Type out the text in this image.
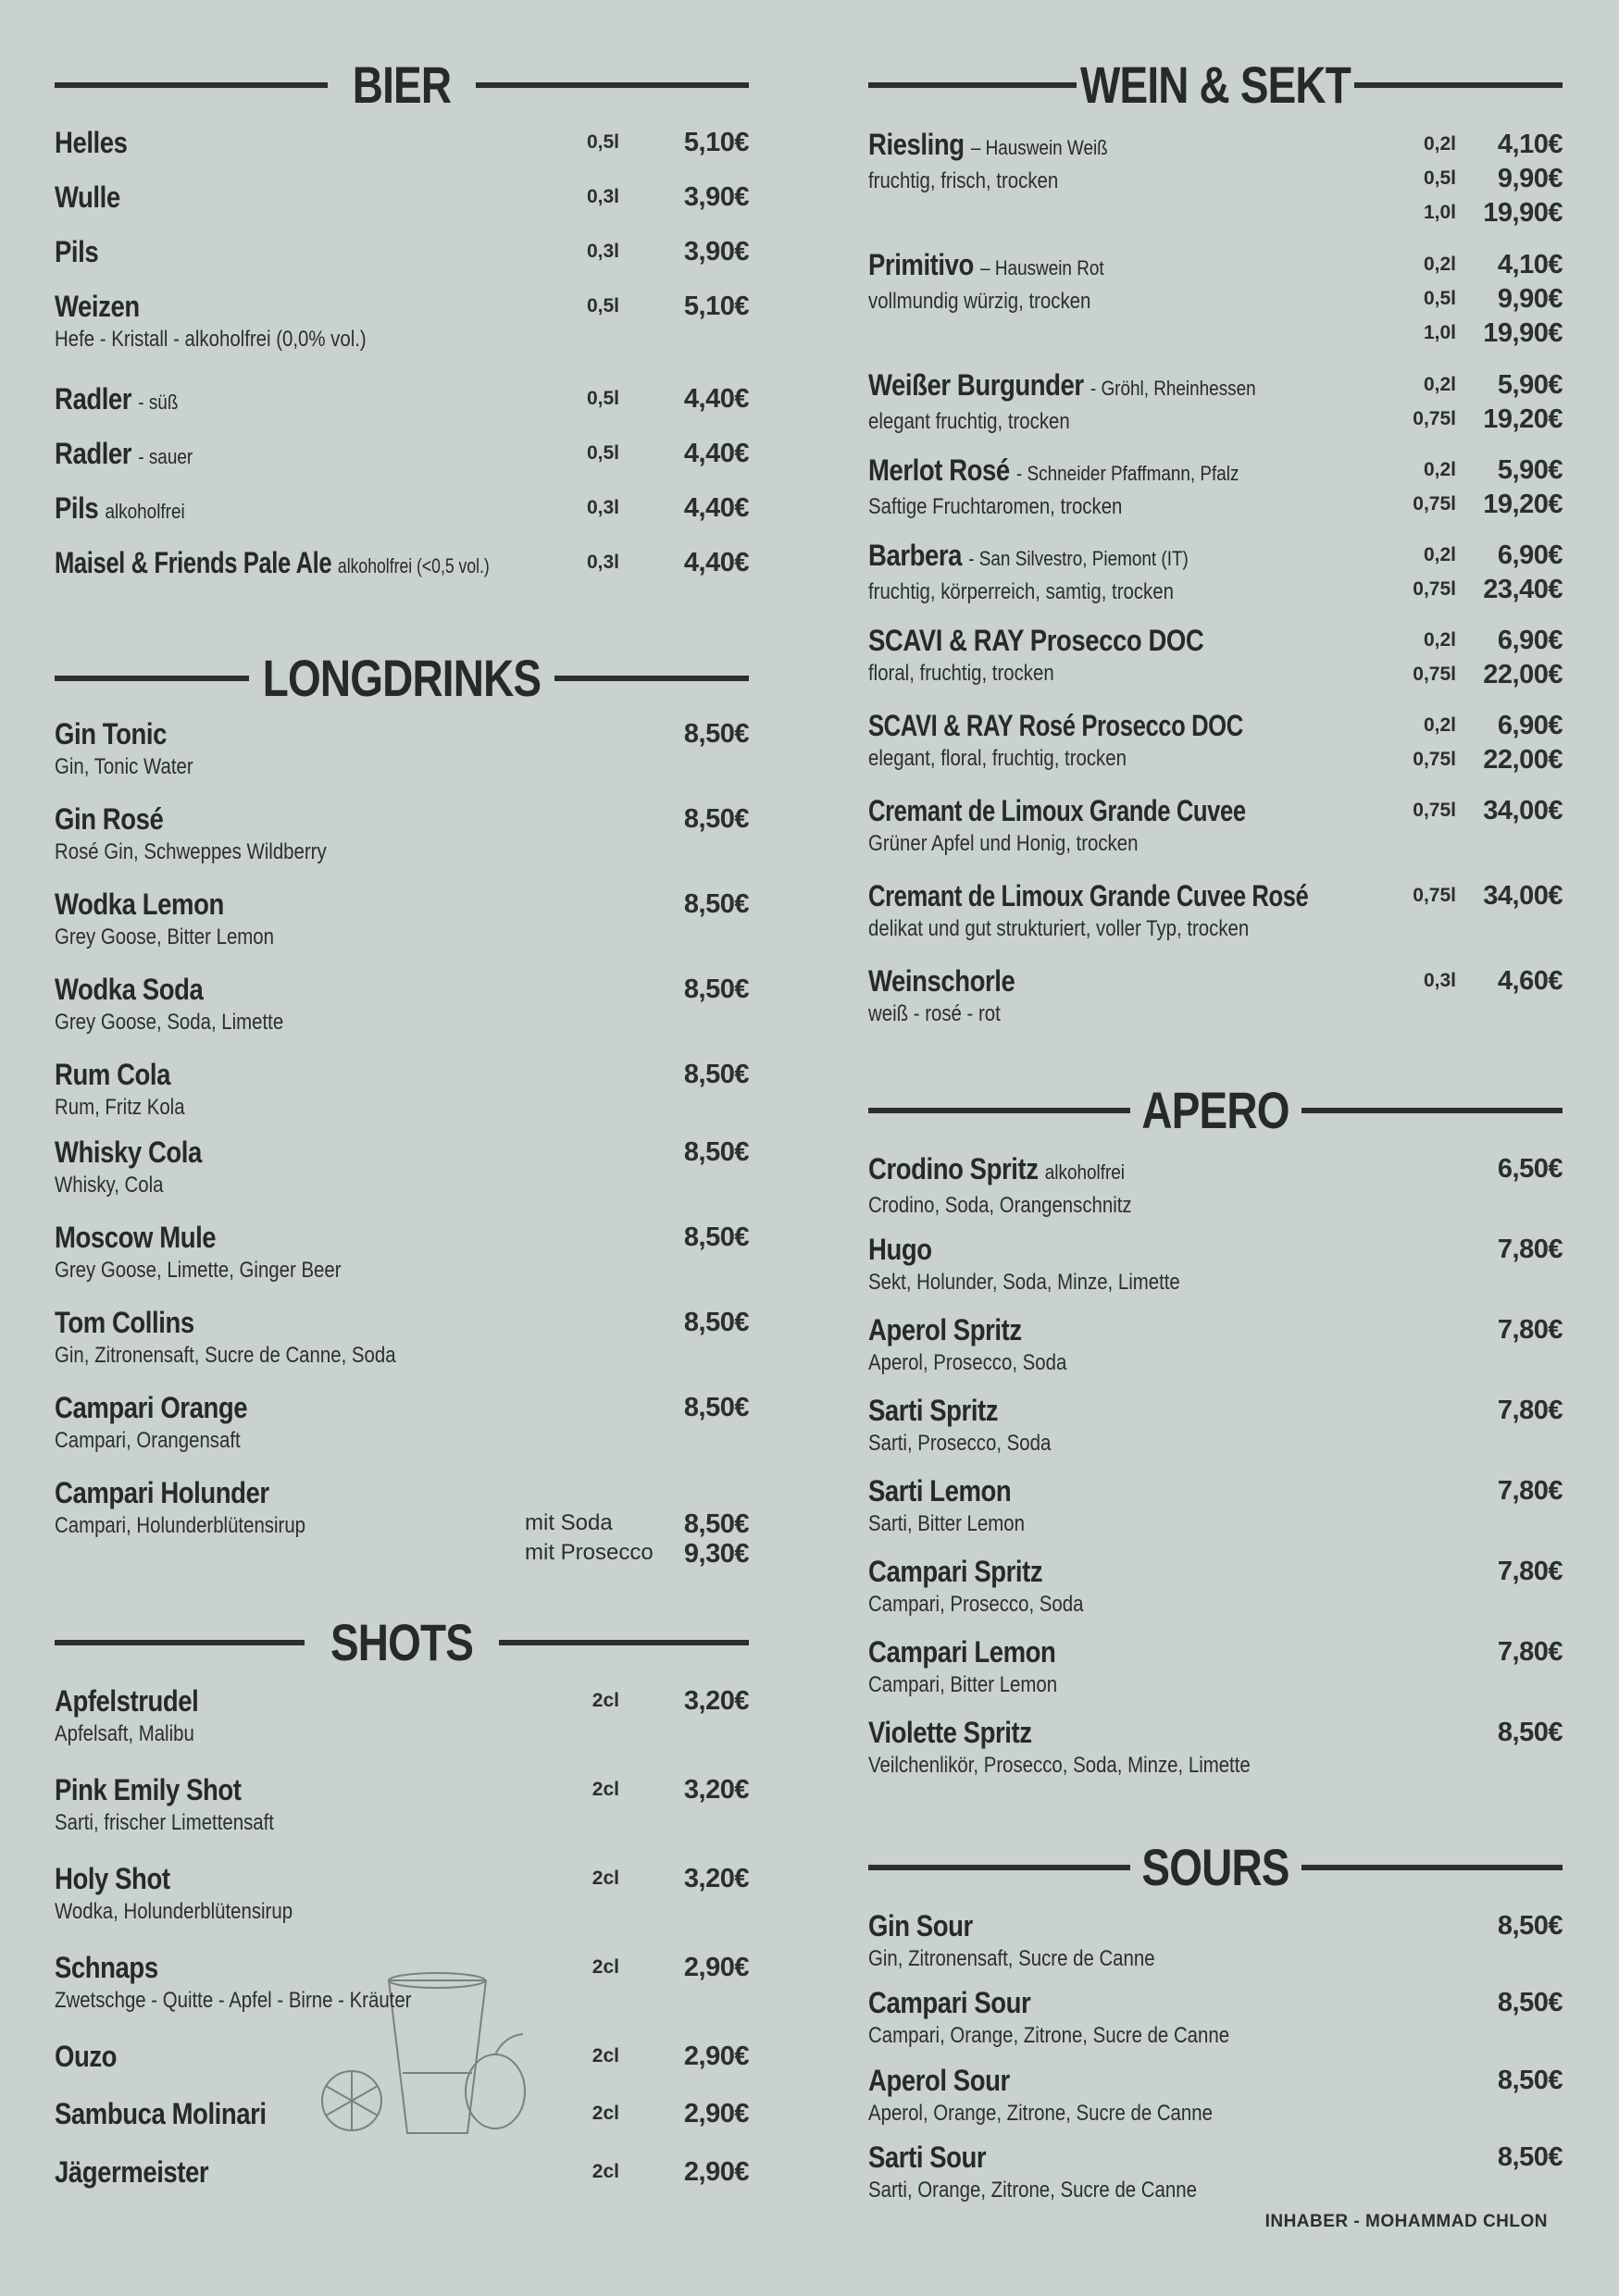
BIER
Helles	0,5l	5,10€
Wulle	0,3l	3,90€
Pils	0,3l	3,90€
Weizen
Hefe - Kristall - alkoholfrei (0,0% vol.)
0,5l	5,10€
Radler - süß	0,5l	4,40€
Radler - sauer	0,5l	4,40€
Pils alkoholfrei	0,3l	4,40€
Maisel & Friends Pale Ale alkoholfrei (<0,5 vol.)	0,3l	4,40€
LONGDRINKS
Gin Tonic
Gin, Tonic Water
8,50€
Gin Rosé
Rosé Gin, Schweppes Wildberry
8,50€
Wodka Lemon
Grey Goose, Bitter Lemon
8,50€
Wodka Soda
Grey Goose, Soda, Limette
8,50€
Rum Cola
Rum, Fritz Kola
8,50€
Whisky Cola
Whisky, Cola
8,50€
Moscow Mule
Grey Goose, Limette, Ginger Beer
8,50€
Tom Collins
Gin, Zitronensaft, Sucre de Canne, Soda
8,50€
Campari Orange
Campari, Orangensaft
8,50€
Campari Holunder
Campari, Holunderblütensirup	mit Soda	8,50€
mit Prosecco	9,30€
SHOTS
Apfelstrudel
Apfelsaft, Malibu
2cl	3,20€
Pink Emily Shot
Sarti, frischer Limettensaft
2cl	3,20€
Holy Shot
Wodka, Holunderblütensirup
2cl	3,20€
Schnaps
Zwetschge - Quitte - Apfel - Birne - Kräuter
2cl	2,90€
Ouzo	2cl	2,90€
Sambuca Molinari	2cl	2,90€
Jägermeister	2cl	2,90€
WEIN & SEKT
Riesling – Hauswein Weiß
fruchtig, frisch, trocken
0,2l	4,10€
0,5l	9,90€
1,0l	19,90€
Primitivo – Hauswein Rot
vollmundig würzig, trocken
0,2l	4,10€
0,5l	9,90€
1,0l	19,90€
Weißer Burgunder - Gröhl, Rheinhessen
elegant fruchtig, trocken
0,2l	5,90€
0,75l	19,20€
Merlot Rosé - Schneider Pfaffmann, Pfalz
Saftige Fruchtaromen, trocken
0,2l	5,90€
0,75l	19,20€
Barbera - San Silvestro, Piemont (IT)
fruchtig, körperreich, samtig, trocken
0,2l	6,90€
0,75l	23,40€
SCAVI & RAY Prosecco DOC
floral, fruchtig, trocken
0,2l	6,90€
0,75l	22,00€
SCAVI & RAY Rosé Prosecco DOC
elegant, floral, fruchtig, trocken
0,2l	6,90€
0,75l	22,00€
Cremant de Limoux Grande Cuvee
Grüner Apfel und Honig, trocken
0,75l	34,00€
Cremant de Limoux Grande Cuvee Rosé
delikat und gut strukturiert, voller Typ, trocken
0,75l	34,00€
Weinschorle
weiß - rosé - rot
0,3l	4,60€
APERO
Crodino Spritz alkoholfrei
Crodino, Soda, Orangenschnitz
6,50€
Hugo
Sekt, Holunder, Soda, Minze, Limette
7,80€
Aperol Spritz
Aperol, Prosecco, Soda
7,80€
Sarti Spritz
Sarti, Prosecco, Soda
7,80€
Sarti Lemon
Sarti, Bitter Lemon
7,80€
Campari Spritz
Campari, Prosecco, Soda
7,80€
Campari Lemon
Campari, Bitter Lemon
7,80€
Violette Spritz
Veilchenlikör, Prosecco, Soda, Minze, Limette
8,50€
SOURS
Gin Sour
Gin, Zitronensaft, Sucre de Canne
8,50€
Campari Sour
Campari, Orange, Zitrone, Sucre de Canne
8,50€
Aperol Sour
Aperol, Orange, Zitrone, Sucre de Canne
8,50€
Sarti Sour
Sarti, Orange, Zitrone, Sucre de Canne
8,50€
INHABER - MOHAMMAD CHLON
